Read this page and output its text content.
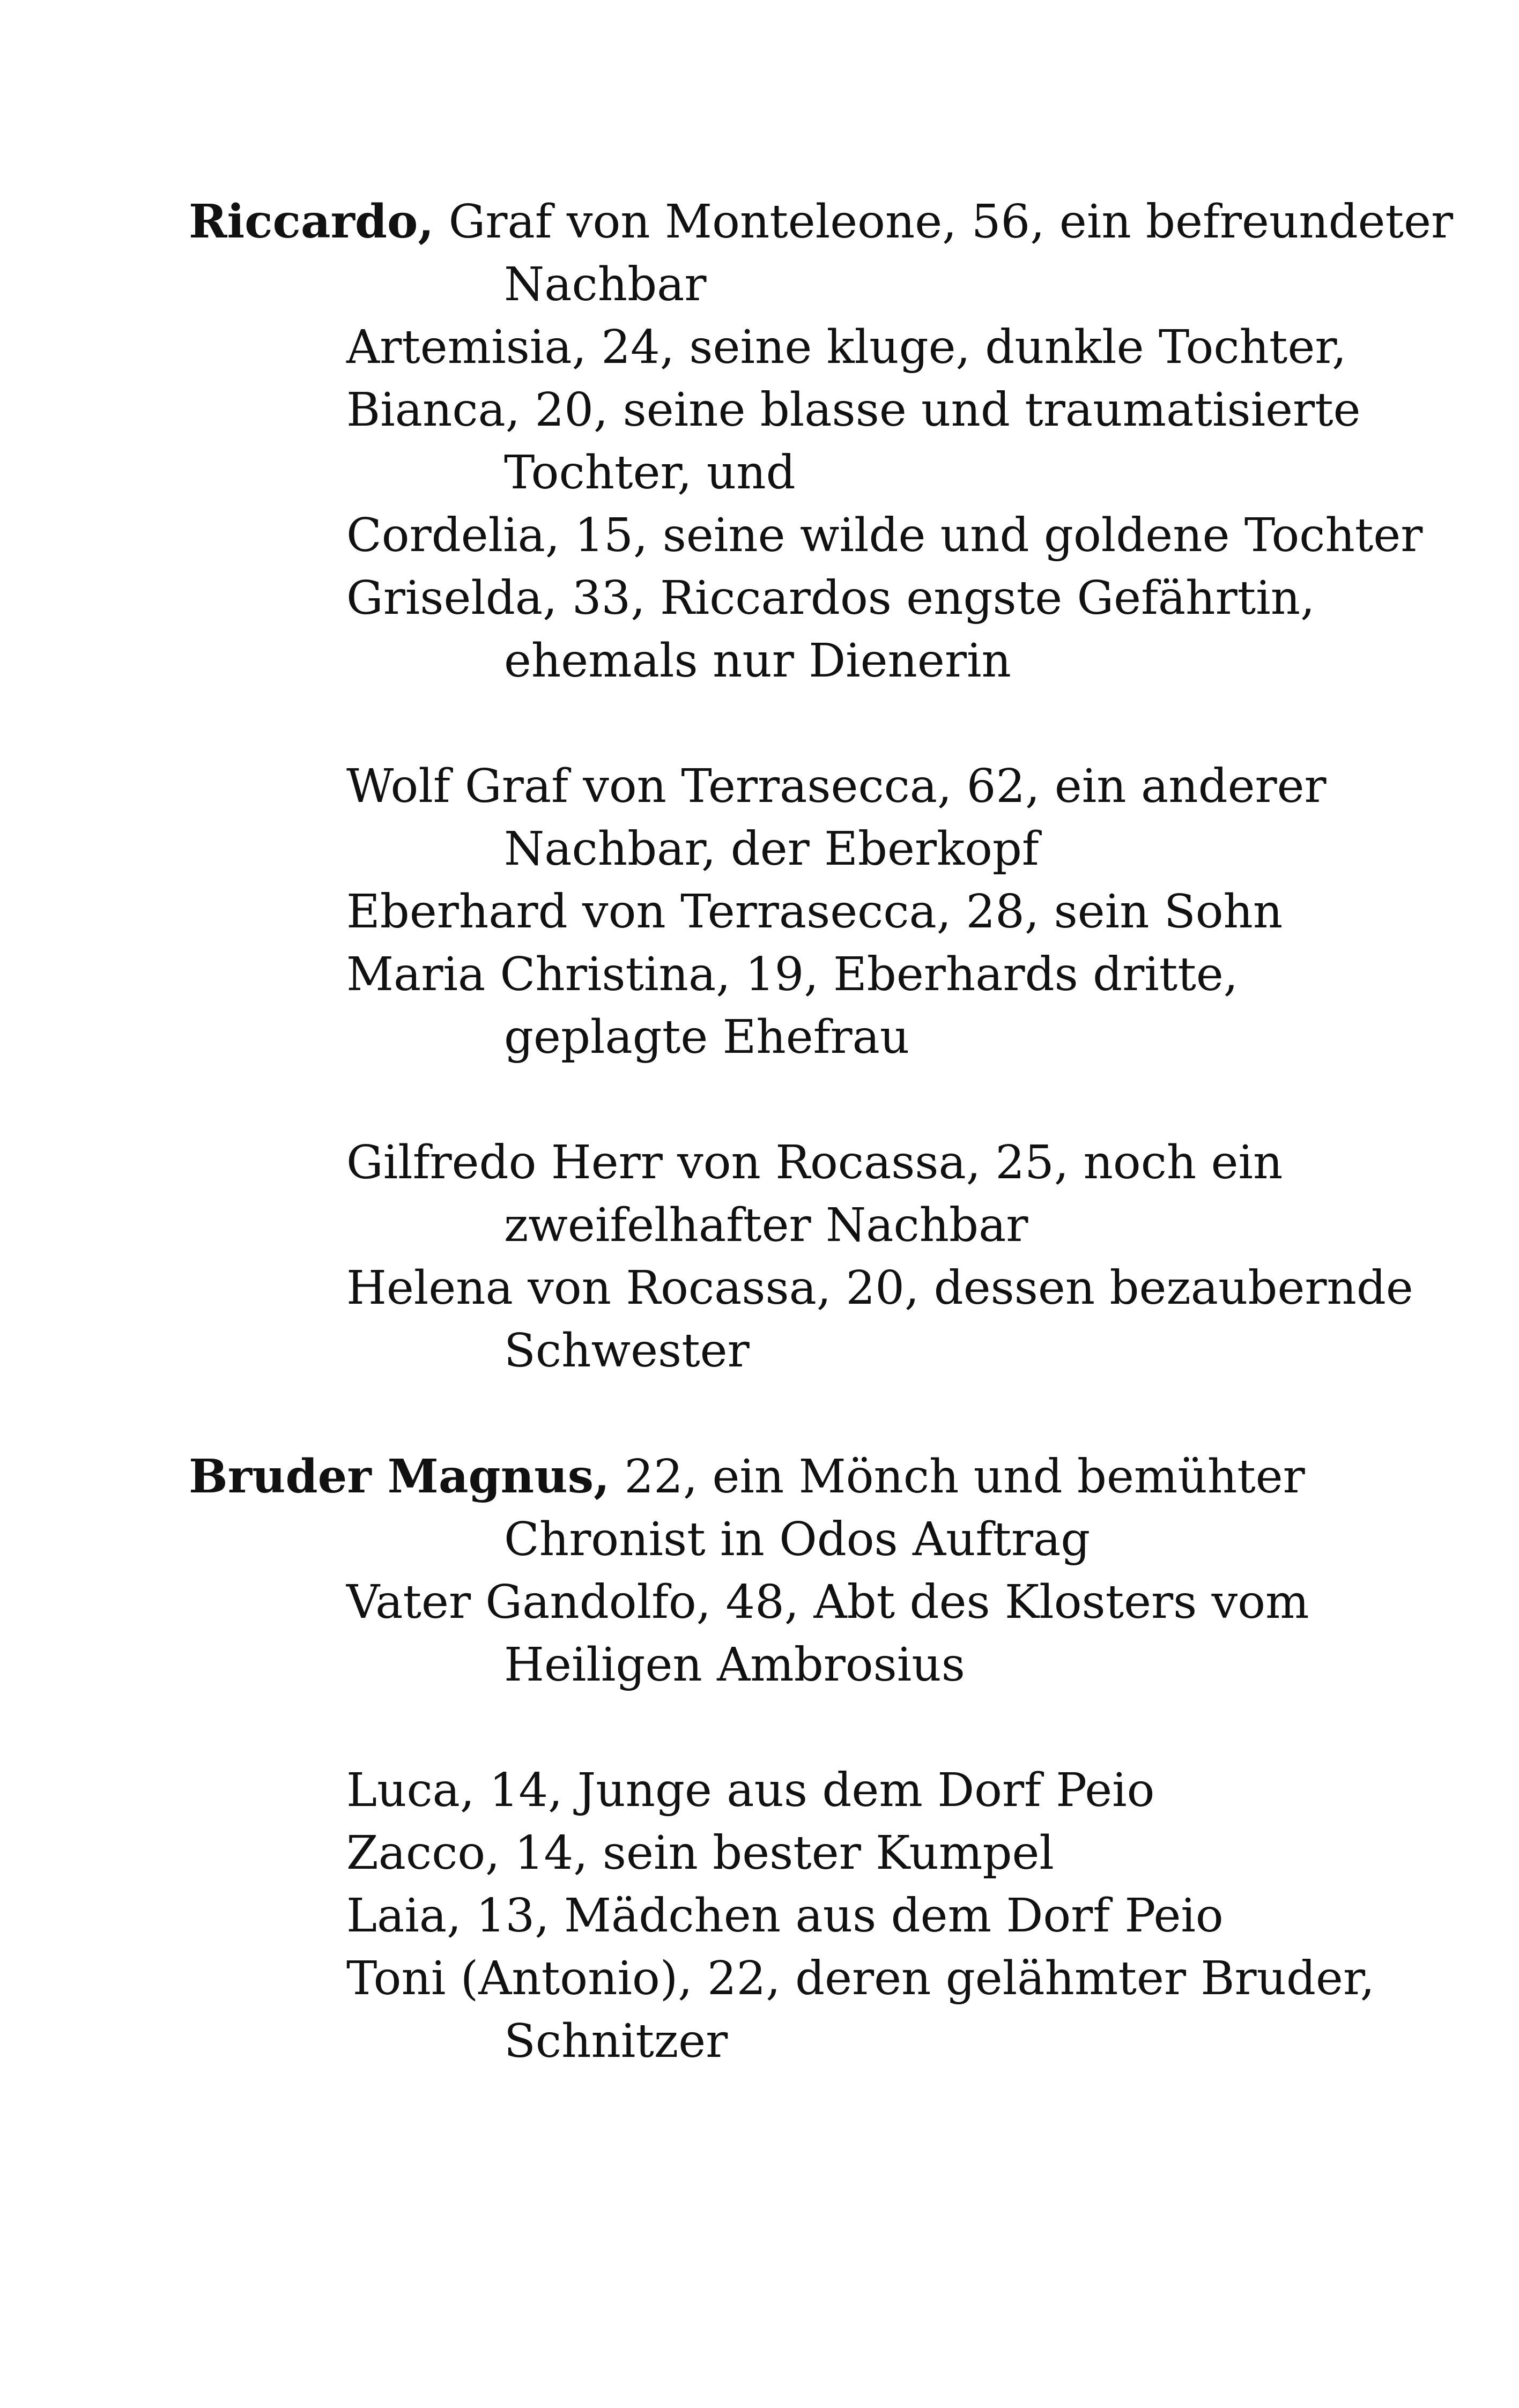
Riccardo, Graf von Monteleone, 56, ein befreundeter
Nachbar
Artemisia, 24, seine kluge, dunkle Tochter,
Bianca, 20, seine blasse und traumatisierte
Tochter, und
Cordelia, 15, seine wilde und goldene Tochter
Griselda, 33, Riccardos engste Gefährtin,
ehemals nur Dienerin
Wolf Graf von Terrasecca, 62, ein anderer
Nachbar, der Eberkopf
Eberhard von Terrasecca, 28, sein Sohn
Maria Christina, 19, Eberhards dritte,
geplagte Ehefrau
Gilfredo Herr von Rocassa, 25, noch ein
zweifelhafter Nachbar
Helena von Rocassa, 20, dessen bezaubernde
Schwester
Bruder Magnus, 22, ein Mönch und bemühter
Chronist in Odos Auftrag
Vater Gandolfo, 48, Abt des Klosters vom
Heiligen Ambrosius
Luca, 14, Junge aus dem Dorf Peio
Zacco, 14, sein bester Kumpel
Laia, 13, Mädchen aus dem Dorf Peio
Toni (Antonio), 22, deren gelähmter Bruder,
Schnitzer
